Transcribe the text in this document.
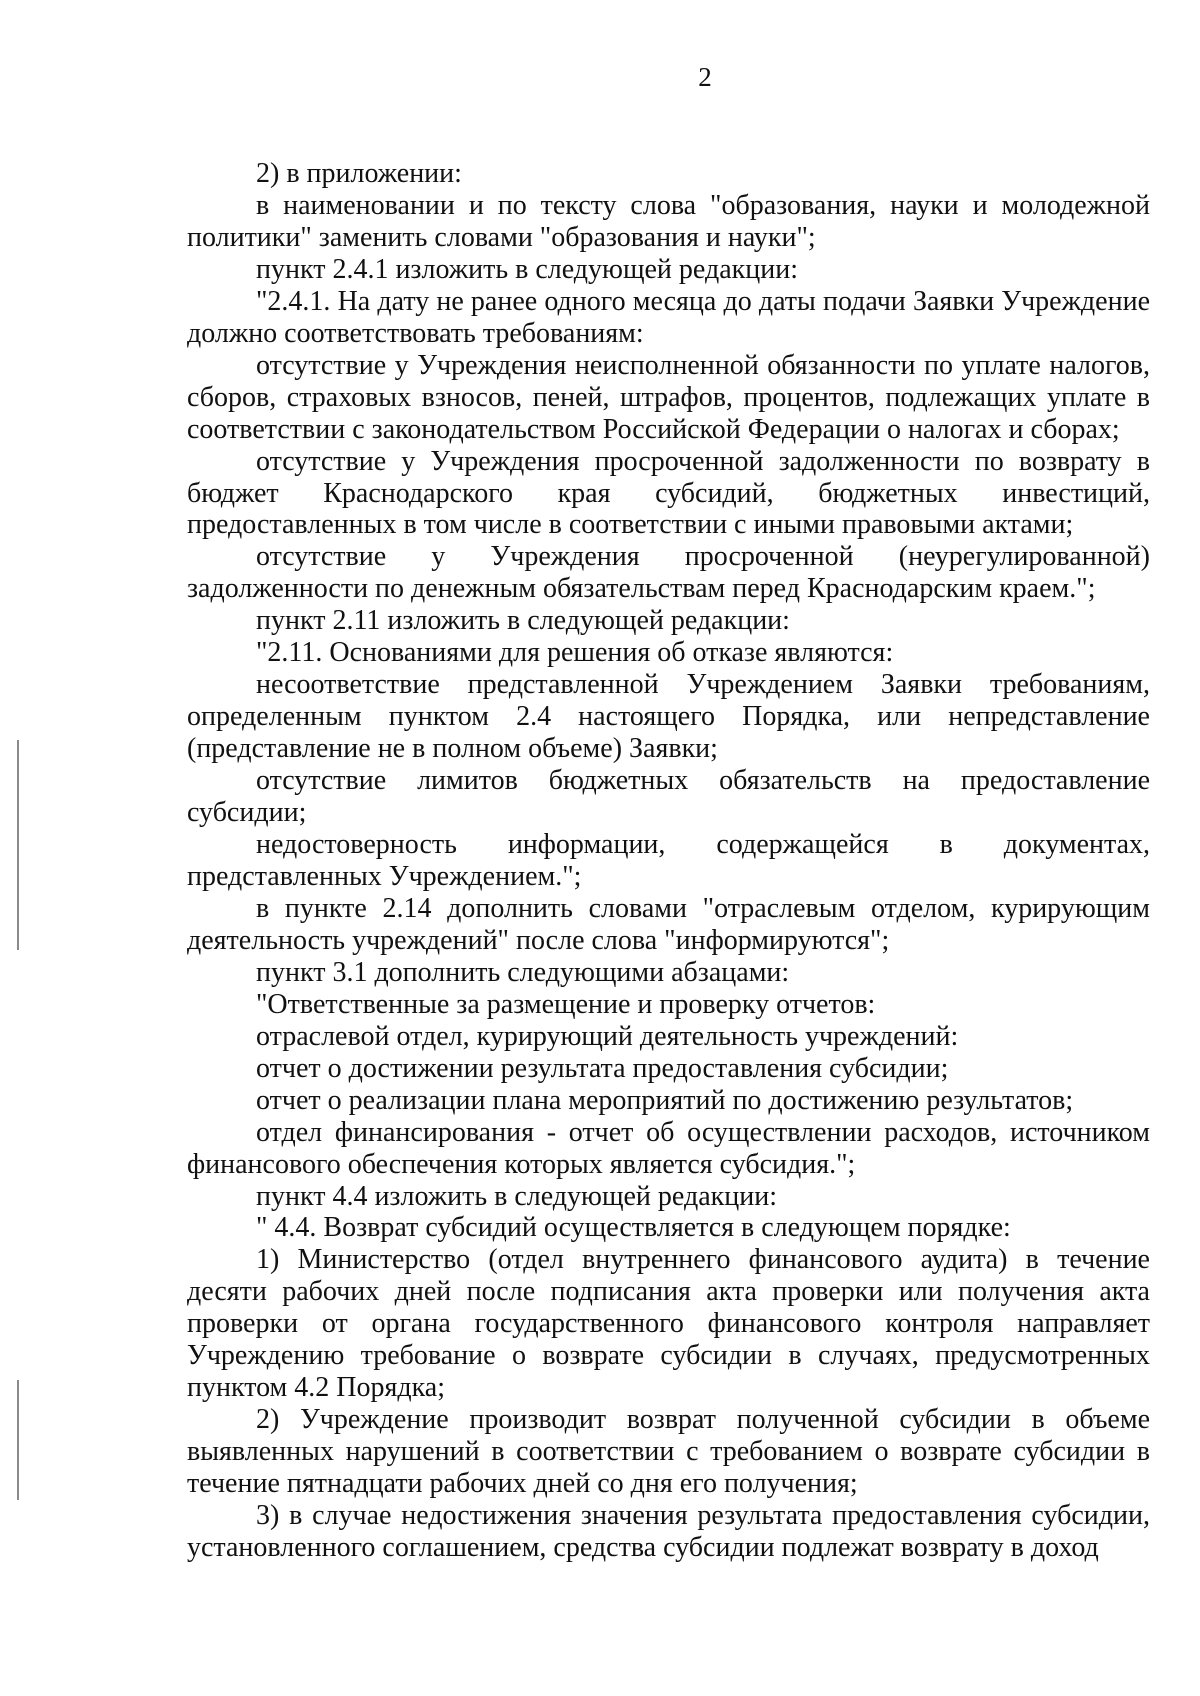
2

2) в приложении:

в наименовании и по тексту слова "образования, науки и молодежной политики" заменить словами "образования и науки";

пункт 2.4.1 изложить в следующей редакции:

"2.4.1. На дату не ранее одного месяца до даты подачи Заявки Учреждение должно соответствовать требованиям:

отсутствие у Учреждения неисполненной обязанности по уплате налогов, сборов, страховых взносов, пеней, штрафов, процентов, подлежащих уплате в соответствии с законодательством Российской Федерации о налогах и сборах;

отсутствие у Учреждения просроченной задолженности по возврату в бюджет Краснодарского края субсидий, бюджетных инвестиций, предоставленных в том числе в соответствии с иными правовыми актами;

отсутствие у Учреждения просроченной (неурегулированной) задолженности по денежным обязательствам перед Краснодарским краем.";

пункт 2.11 изложить в следующей редакции:

"2.11. Основаниями для решения об отказе являются:

несоответствие представленной Учреждением Заявки требованиям, определенным пунктом 2.4 настоящего Порядка, или непредставление (представление не в полном объеме) Заявки;

отсутствие лимитов бюджетных обязательств на предоставление субсидии;

недостоверность информации, содержащейся в документах, представленных Учреждением.";

в пункте 2.14 дополнить словами "отраслевым отделом, курирующим деятельность учреждений" после слова "информируются";

пункт 3.1 дополнить следующими абзацами:

"Ответственные за размещение и проверку отчетов:

отраслевой отдел, курирующий деятельность учреждений:

отчет о достижении результата предоставления субсидии;

отчет о реализации плана мероприятий по достижению результатов;

отдел финансирования - отчет об осуществлении расходов, источником финансового обеспечения которых является субсидия.";

пункт 4.4 изложить в следующей редакции:

" 4.4. Возврат субсидий осуществляется в следующем порядке:

1) Министерство (отдел внутреннего финансового аудита) в течение десяти рабочих дней после подписания акта проверки или получения акта проверки от органа государственного финансового контроля направляет Учреждению требование о возврате субсидии в случаях, предусмотренных пунктом 4.2 Порядка;

2) Учреждение производит возврат полученной субсидии в объеме выявленных нарушений в соответствии с требованием о возврате субсидии в течение пятнадцати рабочих дней со дня его получения;

3) в случае недостижения значения результата предоставления субсидии, установленного соглашением, средства субсидии подлежат возврату в доход
